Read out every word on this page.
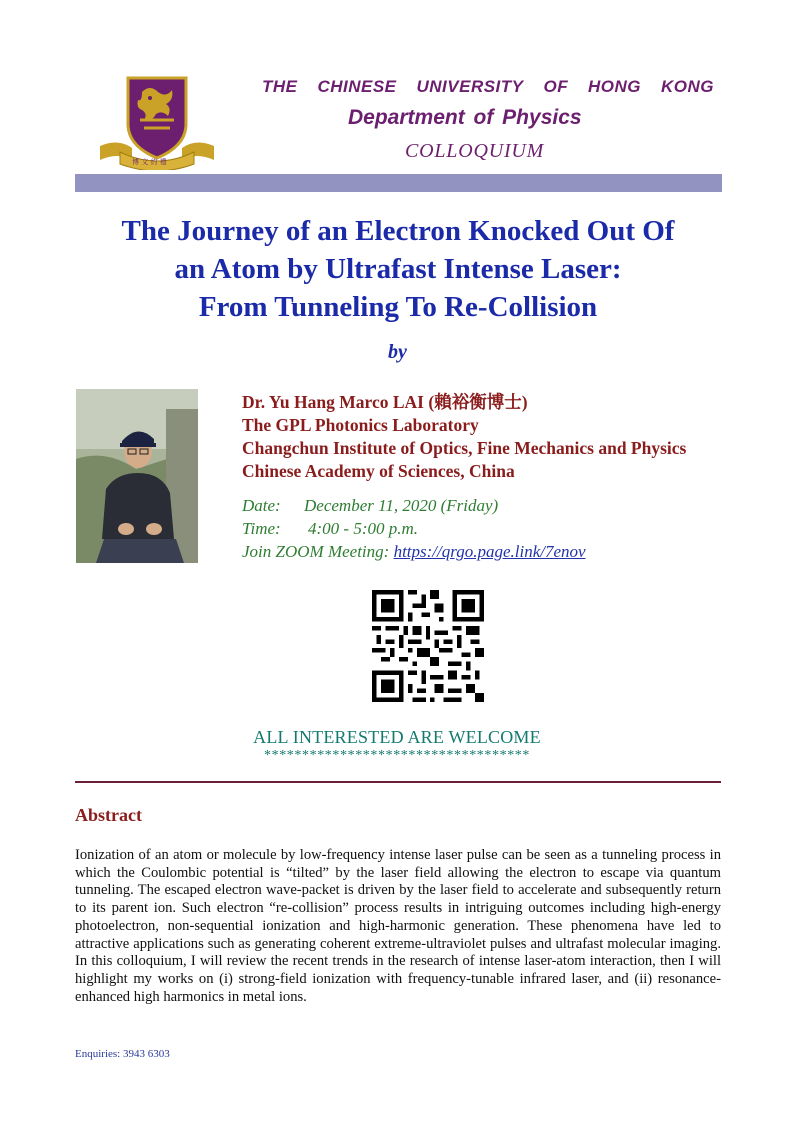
博 文 約 禮
THE CHINESE UNIVERSITY OF HONG KONG
Department of Physics
COLLOQUIUM
The Journey of an Electron Knocked Out Of
an Atom by Ultrafast Intense Laser:
From Tunneling To Re-Collision
by
Dr. Yu Hang Marco LAI (賴裕衡博士)
The GPL Photonics Laboratory
Changchun Institute of Optics, Fine Mechanics and Physics
Chinese Academy of Sciences, China
Date: December 11, 2020 (Friday)
Time: 4:00 - 5:00 p.m.
Join ZOOM Meeting: https://qrgo.page.link/7enov
ALL INTERESTED ARE WELCOME
***********************************
Abstract
Ionization of an atom or molecule by low-frequency intense laser pulse can be seen as a tunneling process in which the Coulombic potential is “tilted” by the laser field allowing the electron to escape via quantum tunneling. The escaped electron wave-packet is driven by the laser field to accelerate and subsequently return to its parent ion. Such electron “re-collision” process results in intriguing outcomes including high-energy photoelectron, non-sequential ionization and high-harmonic generation. These phenomena have led to attractive applications such as generating coherent extreme-ultraviolet pulses and ultrafast molecular imaging. In this colloquium, I will review the recent trends in the research of intense laser-atom interaction, then I will highlight my works on (i) strong-field ionization with frequency-tunable infrared laser, and (ii) resonance-enhanced high harmonics in metal ions.
Enquiries: 3943 6303
